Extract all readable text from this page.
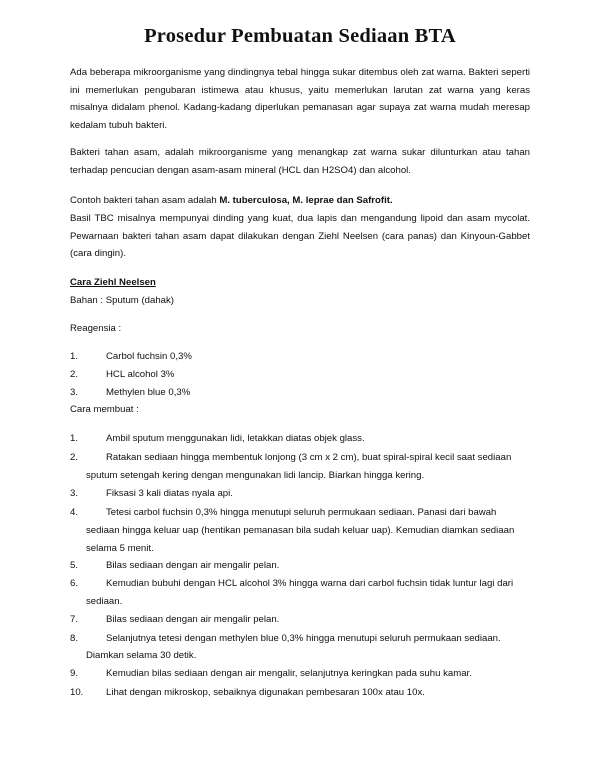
Prosedur Pembuatan Sediaan BTA

Ada beberapa mikroorganisme yang dindingnya tebal hingga sukar ditembus oleh zat warna. Bakteri seperti ini memerlukan pengubaran istimewa atau khusus, yaitu memerlukan larutan zat warna yang keras misalnya didalam phenol. Kadang-kadang diperlukan pemanasan agar supaya zat warna mudah meresap kedalam tubuh bakteri.

Bakteri tahan asam, adalah mikroorganisme yang menangkap zat warna sukar dilunturkan atau tahan terhadap pencucian dengan asam-asam mineral (HCL dan H2SO4) dan alcohol.

Contoh bakteri tahan asam adalah M. tuberculosa, M. leprae dan Safrofit.

Basil TBC misalnya mempunyai dinding yang kuat, dua lapis dan mengandung lipoid dan asam mycolat. Pewarnaan bakteri tahan asam dapat dilakukan dengan Ziehl Neelsen (cara panas) dan Kinyoun-Gabbet (cara dingin).

Cara Ziehl Neelsen
Bahan : Sputum (dahak)
Reagensia :
1.	Carbol fuchsin 0,3%
2.	HCL alcohol 3%
3.	Methylen blue 0,3%
Cara membuat :
1.	Ambil sputum menggunakan lidi, letakkan diatas objek glass.
2.	Ratakan sediaan hingga membentuk lonjong (3 cm x 2 cm), buat spiral-spiral kecil saat sediaan
sputum setengah kering dengan mengunakan lidi lancip. Biarkan hingga kering.
3.	Fiksasi 3 kali diatas nyala api.
4.	Tetesi carbol fuchsin 0,3% hingga menutupi seluruh permukaan sediaan. Panasi dari bawah
sediaan hingga keluar uap (hentikan pemanasan bila sudah keluar uap). Kemudian diamkan sediaan
selama 5 menit.
5.	Bilas sediaan dengan air mengalir pelan.
6.	Kemudian bubuhi dengan HCL alcohol 3% hingga warna dari carbol fuchsin tidak luntur lagi dari
sediaan.
7.	Bilas sediaan dengan air mengalir pelan.
8.	Selanjutnya tetesi dengan methylen blue 0,3% hingga menutupi seluruh permukaan sediaan.
Diamkan selama 30 detik.
9.	Kemudian bilas sediaan dengan air mengalir, selanjutnya keringkan pada suhu kamar.
10.	Lihat dengan mikroskop, sebaiknya digunakan pembesaran 100x atau 10x.
